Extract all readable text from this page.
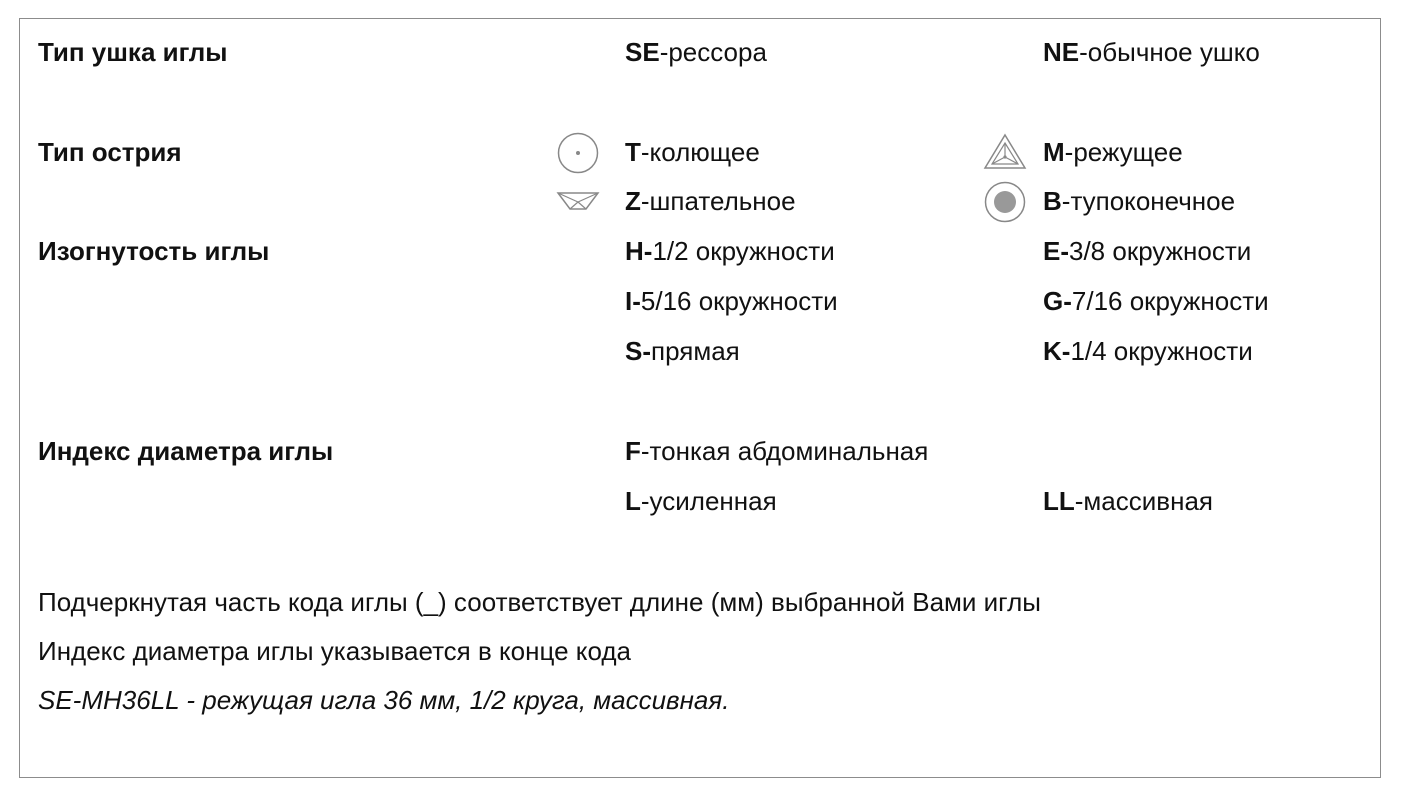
Тип ушка иглы	SE-рессора	NE-обычное ушко
Тип острия	T-колющее	M-режущее
Z-шпательное	B-тупоконечное
Изогнутость иглы	H-1/2 окружности	E-3/8 окружности
I-5/16 окружности	G-7/16 окружности
S-прямая	K-1/4 окружности
Индекс диаметра иглы	F-тонкая абдоминальная
L-усиленная	LL-массивная
Подчеркнутая часть кода иглы (_) соответствует длине (мм) выбранной Вами иглы
Индекс диаметра иглы указывается в конце кода
SE-MH36LL - режущая игла 36 мм, 1/2 круга, массивная.
